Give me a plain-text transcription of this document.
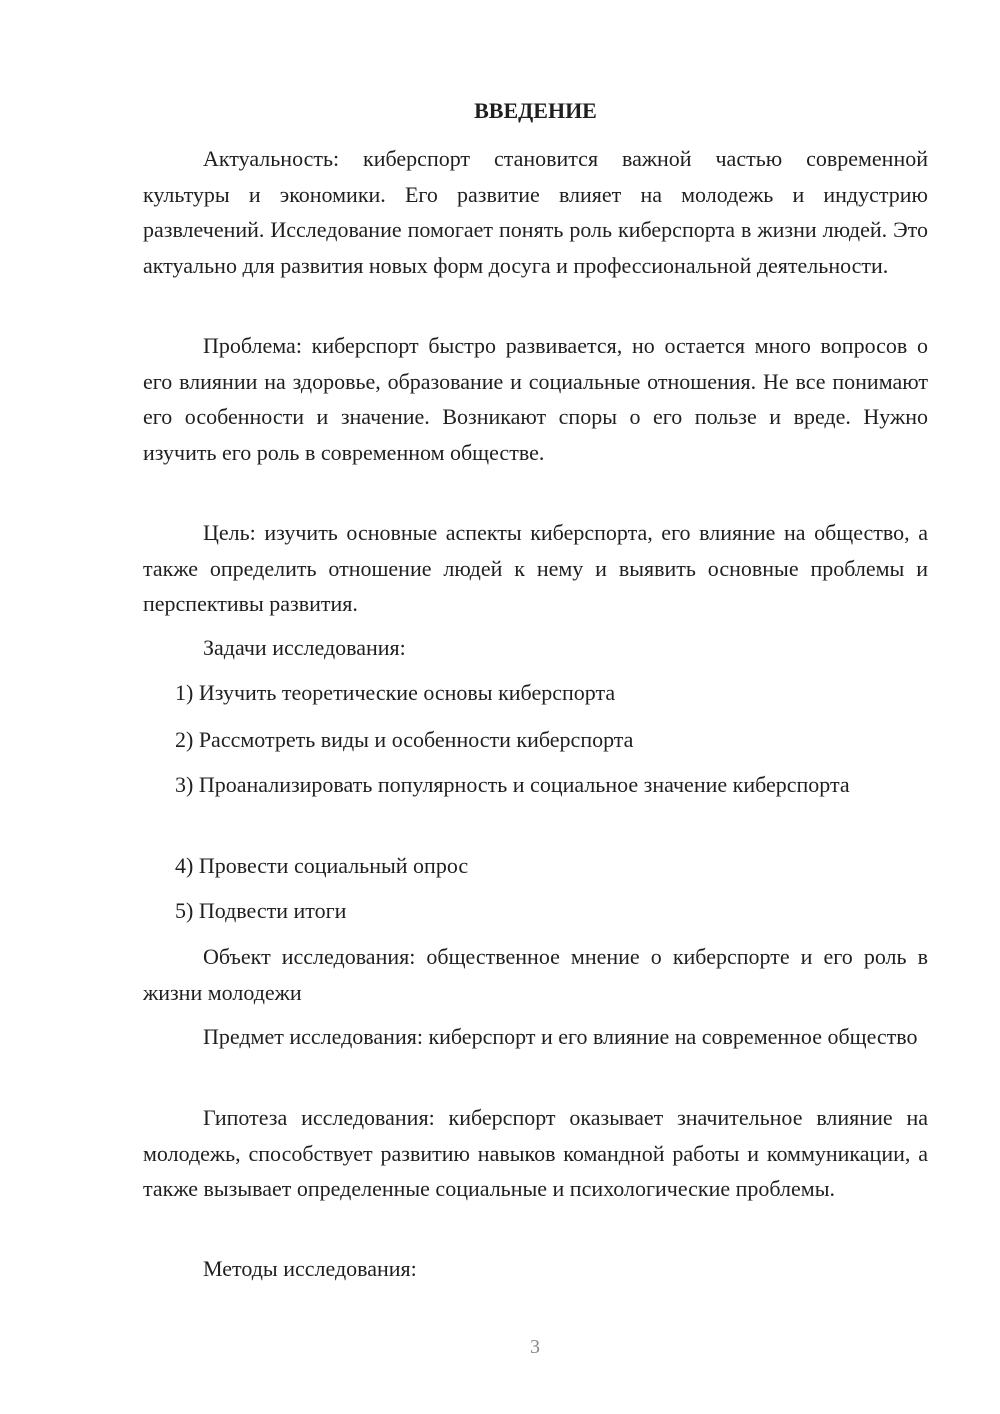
ВВЕДЕНИЕ

Актуальность: киберспорт становится важной частью современной культуры и экономики. Его развитие влияет на молодежь и индустрию развлечений. Исследование помогает понять роль киберспорта в жизни людей. Это актуально для развития новых форм досуга и профессиональной деятельности.

Проблема: киберспорт быстро развивается, но остается много вопросов о его влиянии на здоровье, образование и социальные отношения. Не все понимают его особенности и значение. Возникают споры о его пользе и вреде. Нужно изучить его роль в современном обществе.

Цель: изучить основные аспекты киберспорта, его влияние на общество, а также определить отношение людей к нему и выявить основные проблемы и перспективы развития.

Задачи исследования:

1) Изучить теоретические основы киберспорта

2) Рассмотреть виды и особенности киберспорта

3) Проанализировать популярность и социальное значение киберспорта

4) Провести социальный опрос

5) Подвести итоги

Объект исследования: общественное мнение о киберспорте и его роль в жизни молодежи

Предмет исследования: киберспорт и его влияние на современное общество

Гипотеза исследования: киберспорт оказывает значительное влияние на молодежь, способствует развитию навыков командной работы и коммуникации, а также вызывает определенные социальные и психологические проблемы.

Методы исследования:

3
